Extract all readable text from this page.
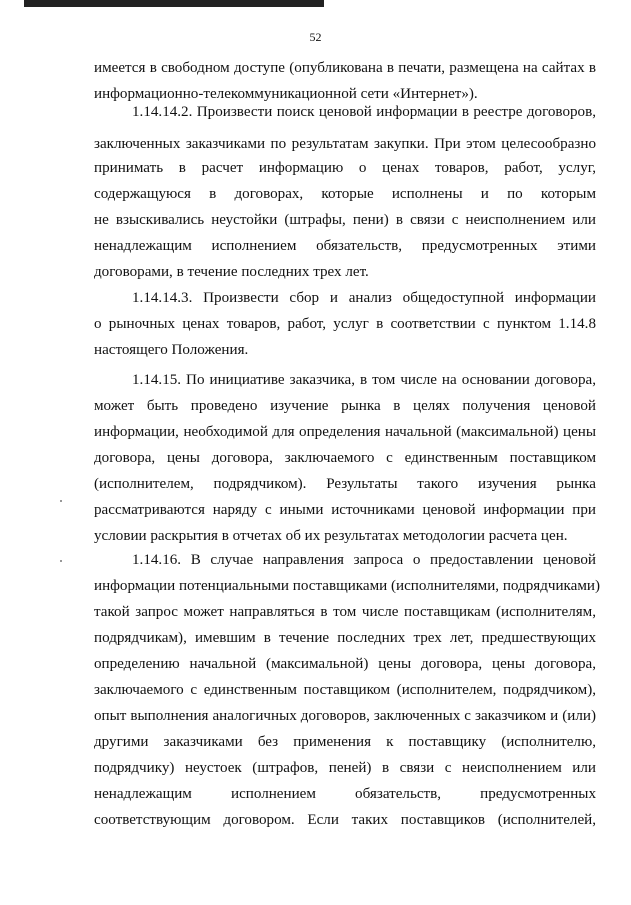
52
имеется в свободном доступе (опубликована в печати, размещена на сайтах в
информационно-телекоммуникационной сети «Интернет»).
1.14.14.2. Произвести поиск ценовой информации в реестре договоров,
заключенных заказчиками по результатам закупки. При этом целесообразно
принимать в расчет информацию о ценах товаров, работ, услуг,
содержащуюся в договорах, которые исполнены и по которым
не взыскивались неустойки (штрафы, пени) в связи с неисполнением или
ненадлежащим исполнением обязательств, предусмотренных этими
договорами, в течение последних трех лет.
1.14.14.3. Произвести сбор и анализ общедоступной информации
о рыночных ценах товаров, работ, услуг в соответствии с пунктом 1.14.8
настоящего Положения.
1.14.15. По инициативе заказчика, в том числе на основании договора,
может быть проведено изучение рынка в целях получения ценовой
информации, необходимой для определения начальной (максимальной) цены
договора, цены договора, заключаемого с единственным поставщиком
(исполнителем, подрядчиком). Результаты такого изучения рынка
рассматриваются наряду с иными источниками ценовой информации при
условии раскрытия в отчетах об их результатах методологии расчета цен.
1.14.16. В случае направления запроса о предоставлении ценовой
информации потенциальными поставщиками (исполнителями, подрядчиками)
такой запрос может направляться в том числе поставщикам (исполнителям,
подрядчикам), имевшим в течение последних трех лет, предшествующих
определению начальной (максимальной) цены договора, цены договора,
заключаемого с единственным поставщиком (исполнителем, подрядчиком),
опыт выполнения аналогичных договоров, заключенных с заказчиком и (или)
другими заказчиками без применения к поставщику (исполнителю,
подрядчику) неустоек (штрафов, пеней) в связи с неисполнением или
ненадлежащим исполнением обязательств, предусмотренных
соответствующим договором. Если таких поставщиков (исполнителей,
